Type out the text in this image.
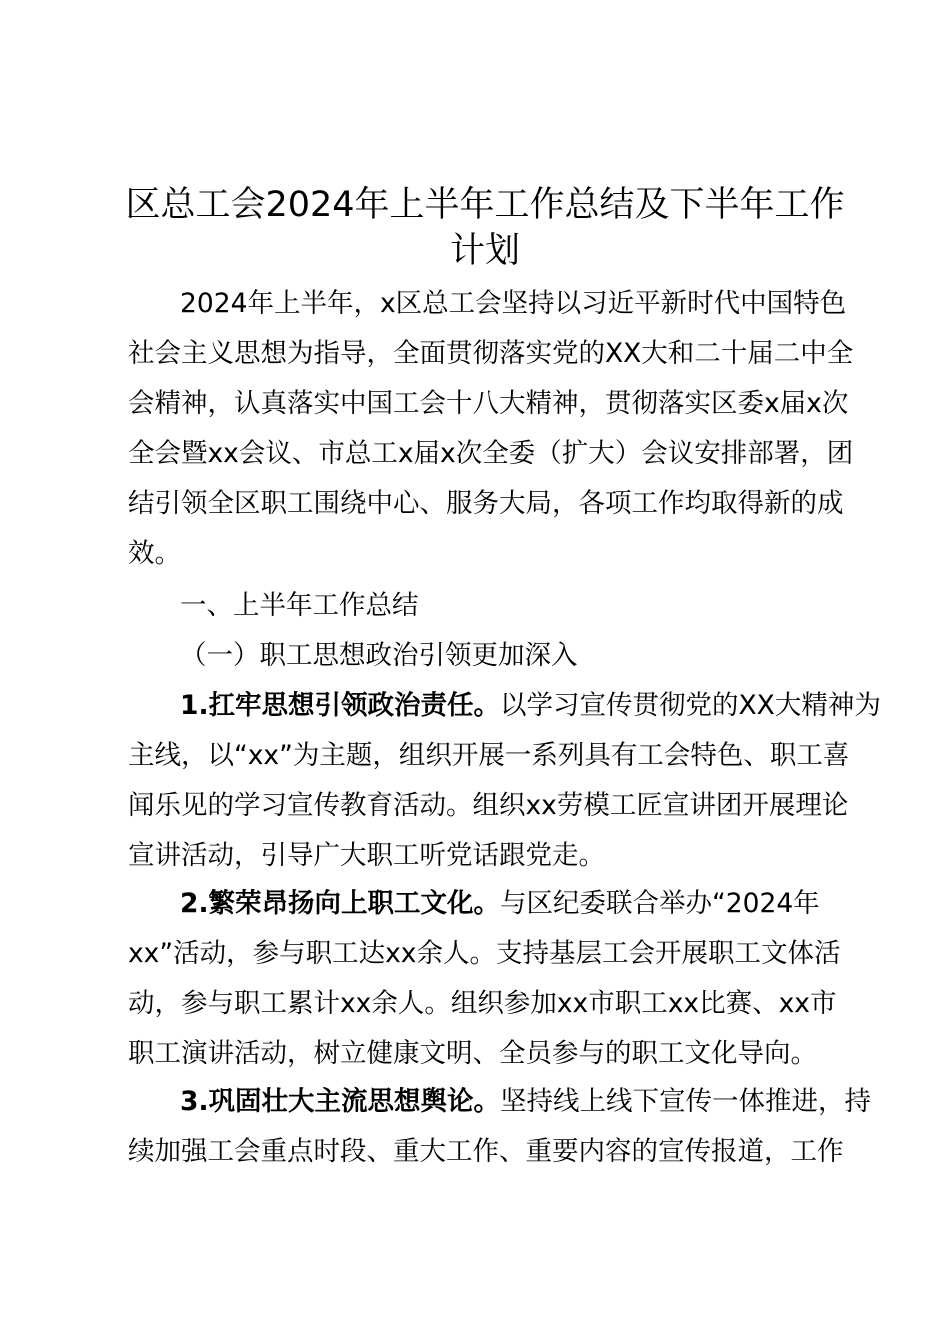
区总工会2024年上半年工作总结及下半年工作
计划
2024年上半年，x区总工会坚持以习近平新时代中国特色
社会主义思想为指导，全面贯彻落实党的XX大和二十届二中全
会精神，认真落实中国工会十八大精神，贯彻落实区委x届x次
全会暨xx会议、市总工x届x次全委（扩大）会议安排部署，团
结引领全区职工围绕中心、服务大局，各项工作均取得新的成
效。
一、上半年工作总结
（一）职工思想政治引领更加深入
1.扛牢思想引领政治责任。以学习宣传贯彻党的XX大精神为
主线，以“xx”为主题，组织开展一系列具有工会特色、职工喜
闻乐见的学习宣传教育活动。组织xx劳模工匠宣讲团开展理论
宣讲活动，引导广大职工听党话跟党走。
2.繁荣昂扬向上职工文化。与区纪委联合举办“2024年
xx”活动，参与职工达xx余人。支持基层工会开展职工文体活
动，参与职工累计xx余人。组织参加xx市职工xx比赛、xx市
职工演讲活动，树立健康文明、全员参与的职工文化导向。
3.巩固壮大主流思想舆论。坚持线上线下宣传一体推进，持
续加强工会重点时段、重大工作、重要内容的宣传报道，工作
